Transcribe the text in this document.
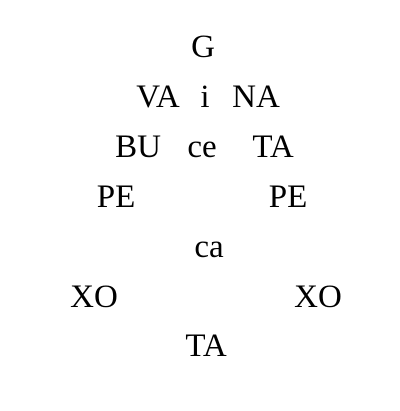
G
VA i NA
BU ce TA
PE	PE
ca
XO	XO
TA
